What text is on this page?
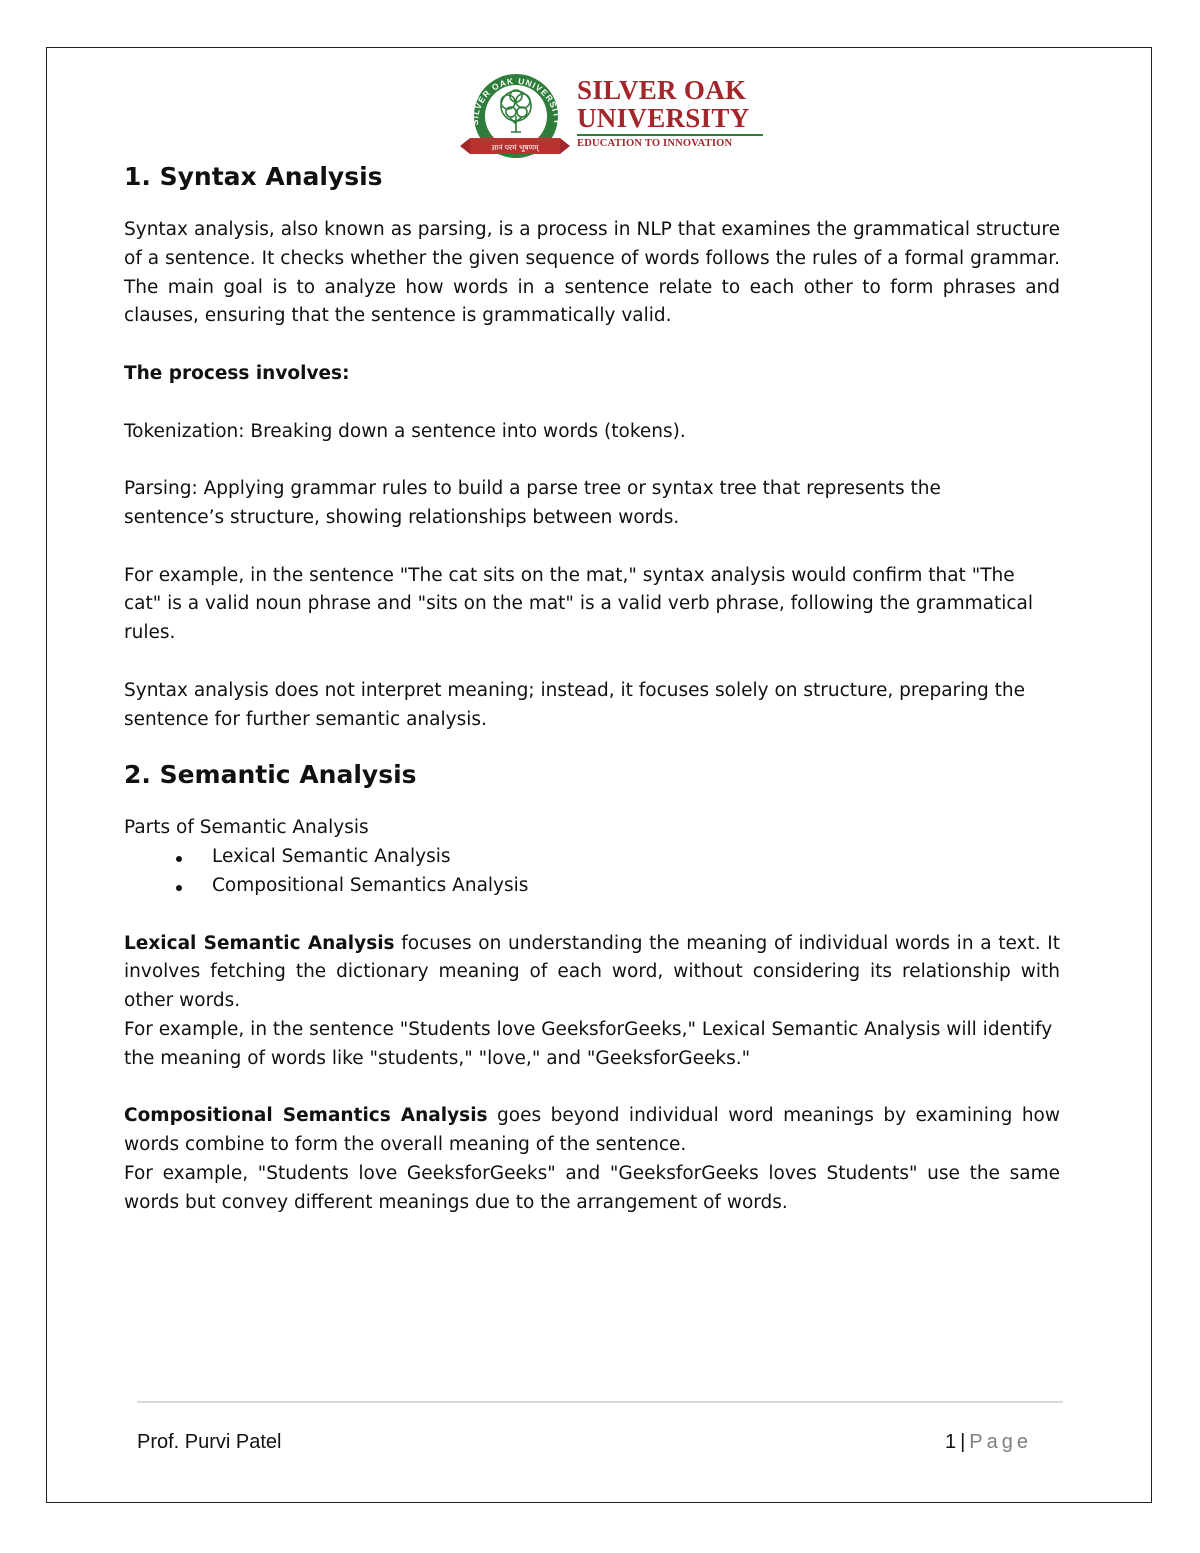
SILVER OAK UNIVERSITY
ज्ञानं परमं भूषणम्
SILVER OAK
UNIVERSITY
EDUCATION TO INNOVATION
1. Syntax Analysis

Syntax analysis, also known as parsing, is a process in NLP that examines the grammatical structure of a sentence. It checks whether the given sequence of words follows the rules of a formal grammar. The main goal is to analyze how words in a sentence relate to each other to form phrases and clauses, ensuring that the sentence is grammatically valid.

The process involves:

Tokenization: Breaking down a sentence into words (tokens).

Parsing: Applying grammar rules to build a parse tree or syntax tree that represents the sentence’s structure, showing relationships between words.

For example, in the sentence "The cat sits on the mat," syntax analysis would confirm that "The cat" is a valid noun phrase and "sits on the mat" is a valid verb phrase, following the grammatical rules.

Syntax analysis does not interpret meaning; instead, it focuses solely on structure, preparing the sentence for further semantic analysis.

2. Semantic Analysis

Parts of Semantic Analysis

Lexical Semantic Analysis
Compositional Semantics Analysis

Lexical Semantic Analysis focuses on understanding the meaning of individual words in a text. It involves fetching the dictionary meaning of each word, without considering its relationship with other words.

For example, in the sentence "Students love GeeksforGeeks," Lexical Semantic Analysis will identify the meaning of words like "students," "love," and "GeeksforGeeks."

Compositional Semantics Analysis goes beyond individual word meanings by examining how words combine to form the overall meaning of the sentence.

For example, "Students love GeeksforGeeks" and "GeeksforGeeks loves Students" use the same words but convey different meanings due to the arrangement of words.

Prof. Purvi Patel	1 | Page
